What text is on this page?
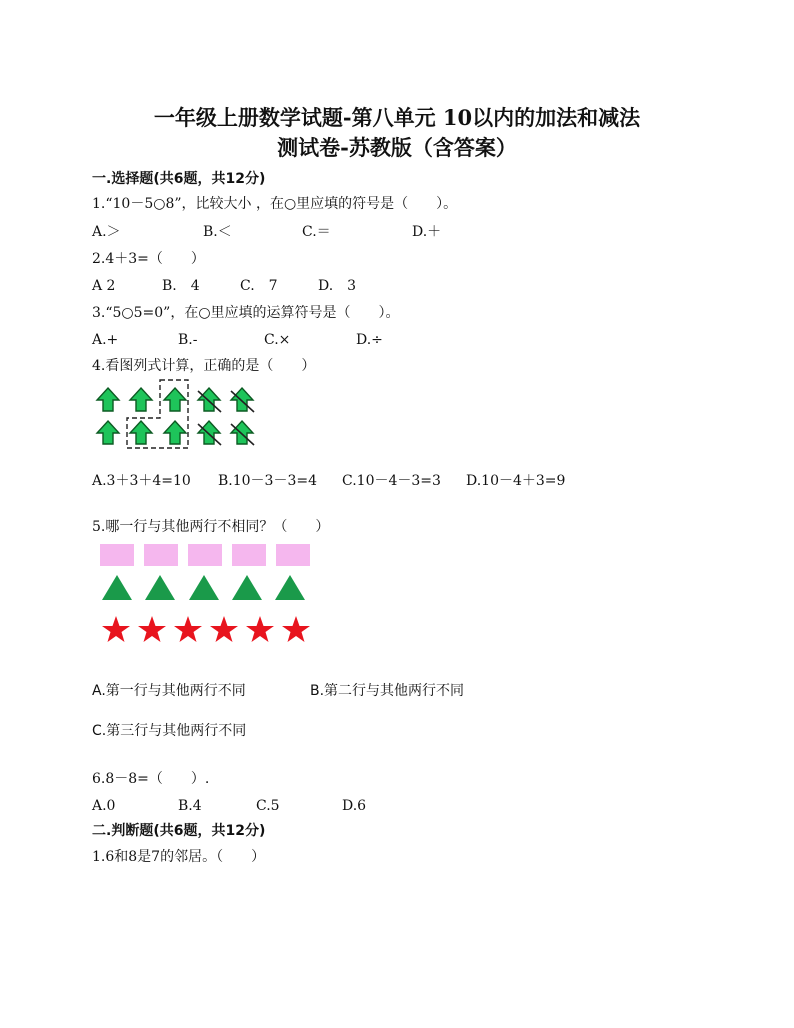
一年级上册数学试题-第八单元 10以内的加法和减法
测试卷-苏教版（含答案）
一.选择题(共6题，共12分)
1.“10－5○8”，比较大小 ，在○里应填的符号是（　　）。
A.＞	B.＜	C.＝	D.＋
2.4＋3=（　　）
A 2	B.　4	C.　7	D.　3
3.“5○5=0”，在○里应填的运算符号是（　　）。
A.+	B.-	C.×	D.÷
4.看图列式计算，正确的是（　　）
A.3＋3＋4=10 B.10－3－3=4 C.10－4－3=3 D.10－4＋3=9
5.哪一行与其他两行不相同？（　　）
A.第一行与其他两行不同	B.第二行与其他两行不同
C.第三行与其他两行不同
6.8－8=（　　）.
A.0	B.4	C.5	D.6
二.判断题(共6题，共12分)
1.6和8是7的邻居。（　　）
